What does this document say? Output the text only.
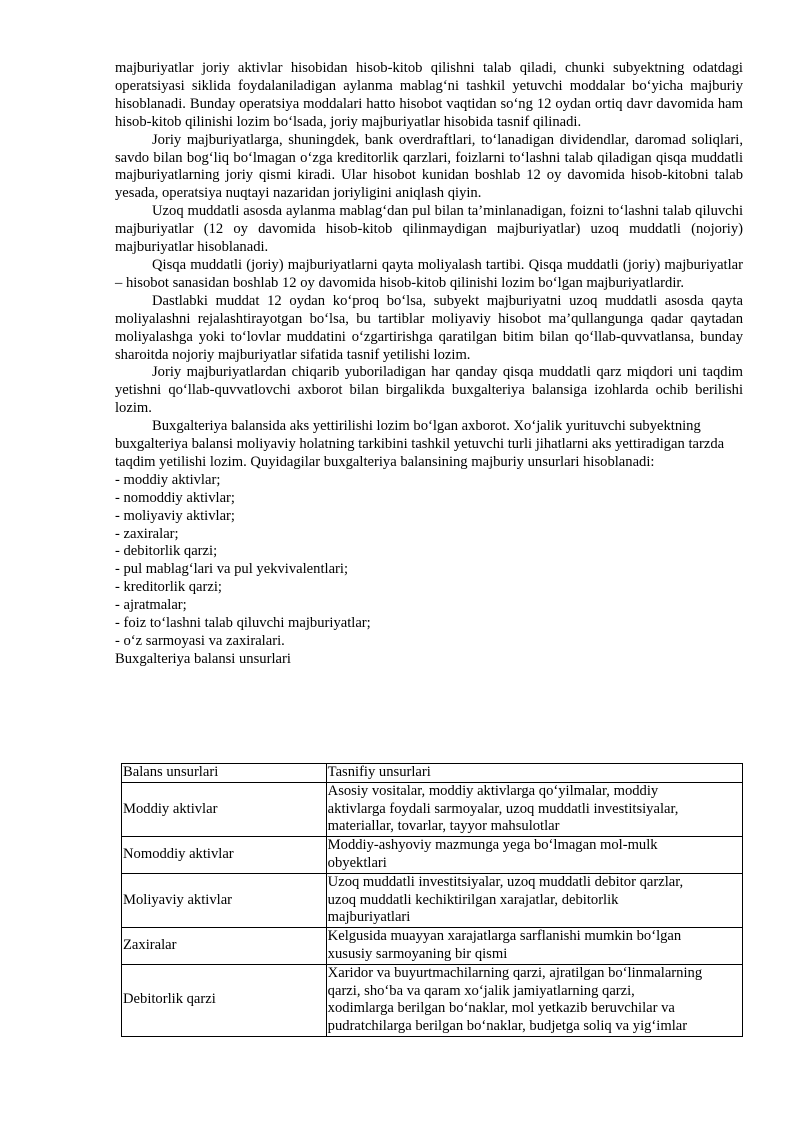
majburiyatlar joriy aktivlar hisobidan hisob-kitob qilishni talab qiladi, chunki subyektning odatdagi operatsiyasi siklida foydalaniladigan aylanma mablag‘ni tashkil yetuvchi moddalar bo‘yicha majburiy hisoblanadi. Bunday operatsiya moddalari hatto hisobot vaqtidan so‘ng 12 oydan ortiq davr davomida ham hisob-kitob qilinishi lozim bo‘lsada, joriy majburiyatlar hisobida tasnif qilinadi.

Joriy majburiyatlarga, shuningdek, bank overdraftlari, to‘lanadigan dividendlar, daromad soliqlari, savdo bilan bog‘liq bo‘lmagan o‘zga kreditorlik qarzlari, foizlarni to‘lashni talab qiladigan qisqa muddatli majburiyatlarning joriy qismi kiradi. Ular hisobot kunidan boshlab 12 oy davomida hisob-kitobni talab yesada, operatsiya nuqtayi nazaridan joriyligini aniqlash qiyin.

Uzoq muddatli asosda aylanma mablag‘dan pul bilan ta’minlanadigan, foizni to‘lashni talab qiluvchi majburiyatlar (12 oy davomida hisob-kitob qilinmaydigan majburiyatlar) uzoq muddatli (nojoriy) majburiyatlar hisoblanadi.

Qisqa muddatli (joriy) majburiyatlarni qayta moliyalash tartibi. Qisqa muddatli (joriy) majburiyatlar – hisobot sanasidan boshlab 12 oy davomida hisob-kitob qilinishi lozim bo‘lgan majburiyatlardir.

Dastlabki muddat 12 oydan ko‘proq bo‘lsa, subyekt majburiyatni uzoq muddatli asosda qayta moliyalashni rejalashtirayotgan bo‘lsa, bu tartiblar moliyaviy hisobot ma’qullangunga qadar qaytadan moliyalashga yoki to‘lovlar muddatini o‘zgartirishga qaratilgan bitim bilan qo‘llab-quvvatlansa, bunday sharoitda nojoriy majburiyatlar sifatida tasnif yetilishi lozim.

Joriy majburiyatlardan chiqarib yuboriladigan har qanday qisqa muddatli qarz miqdori uni taqdim yetishni qo‘llab-quvvatlovchi axborot bilan birgalikda buxgalteriya balansiga izohlarda ochib berilishi lozim.

Buxgalteriya balansida aks yettirilishi lozim bo‘lgan axborot. Xo‘jalik yurituvchi subyektning buxgalteriya balansi moliyaviy holatning tarkibini tashkil yetuvchi turli jihatlarni aks yettiradigan tarzda taqdim yetilishi lozim. Quyidagilar buxgalteriya balansining majburiy unsurlari hisoblanadi:

- moddiy aktivlar;
- nomoddiy aktivlar;
- moliyaviy aktivlar;
- zaxiralar;
- debitorlik qarzi;
- pul mablag‘lari va pul yekvivalentlari;
- kreditorlik qarzi;
- ajratmalar;
- foiz to‘lashni talab qiluvchi majburiyatlar;
- o‘z sarmoyasi va zaxiralari.

Buxgalteriya balansi unsurlari

Balans unsurlari	Tasnifiy unsurlari
Moddiy aktivlar	Asosiy vositalar, moddiy aktivlarga qo‘yilmalar, moddiy
aktivlarga foydali sarmoyalar, uzoq muddatli investitsiyalar,
materiallar, tovarlar, tayyor mahsulotlar

Nomoddiy aktivlar	Moddiy-ashyoviy mazmunga yega bo‘lmagan mol-mulk
obyektlari

Moliyaviy aktivlar	Uzoq muddatli investitsiyalar, uzoq muddatli debitor qarzlar,
uzoq muddatli kechiktirilgan xarajatlar, debitorlik
majburiyatlari

Zaxiralar	Kelgusida muayyan xarajatlarga sarflanishi mumkin bo‘lgan
xususiy sarmoyaning bir qismi

Debitorlik qarzi	Xaridor va buyurtmachilarning qarzi, ajratilgan bo‘linmalarning
qarzi, sho‘ba va qaram xo‘jalik jamiyatlarning qarzi,
xodimlarga berilgan bo‘naklar, mol yetkazib beruvchilar va
pudratchilarga berilgan bo‘naklar, budjetga soliq va yig‘imlar
